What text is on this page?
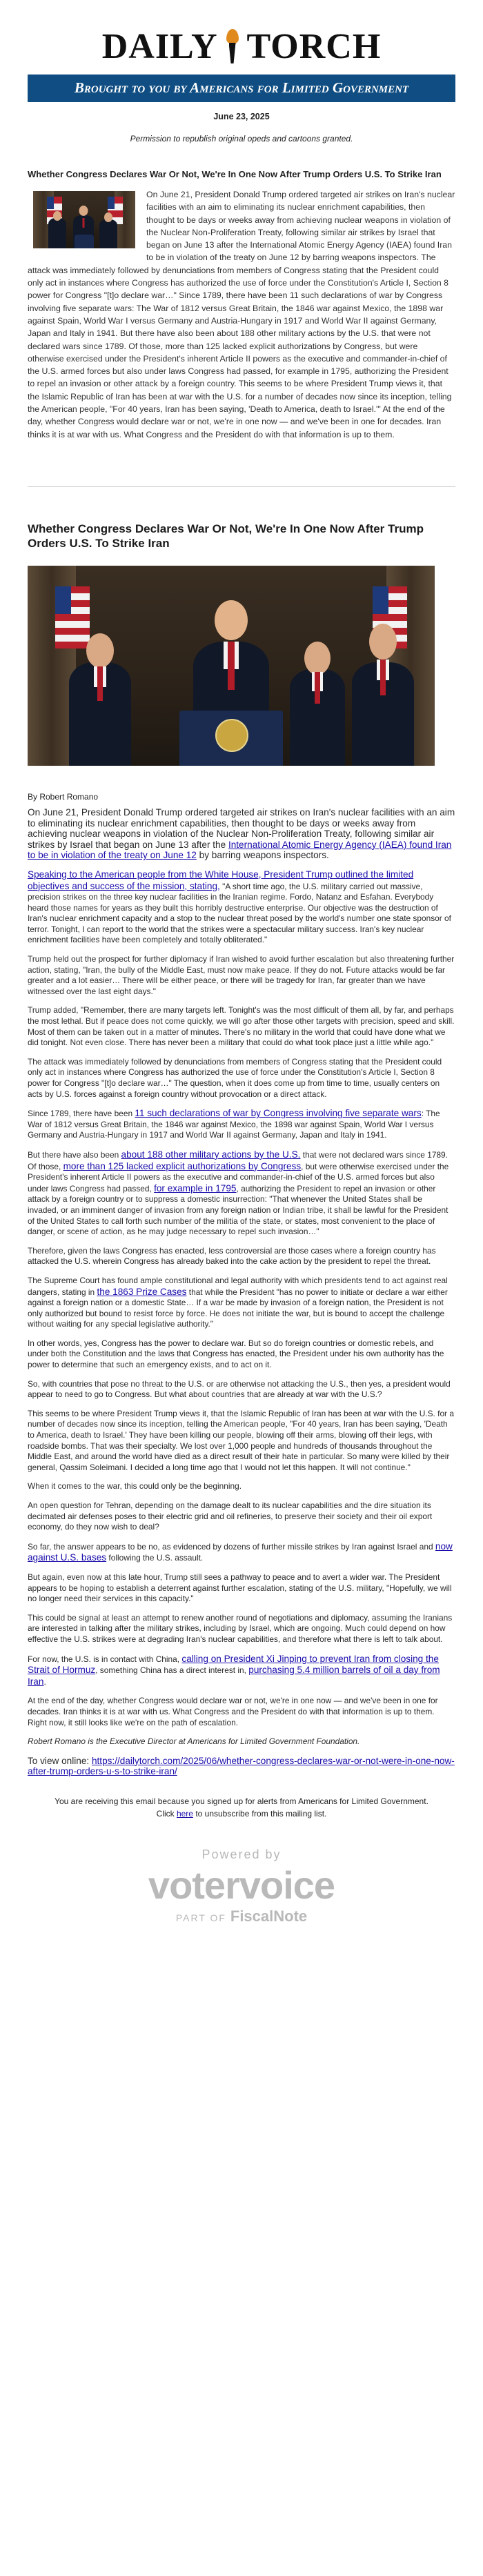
DAILY TORCH
Brought to you by Americans for Limited Government
June 23, 2025
Permission to republish original opeds and cartoons granted.
Whether Congress Declares War Or Not, We're In One Now After Trump Orders U.S. To Strike Iran
On June 21, President Donald Trump ordered targeted air strikes on Iran's nuclear facilities with an aim to eliminating its nuclear enrichment capabilities, then thought to be days or weeks away from achieving nuclear weapons in violation of the Nuclear Non-Proliferation Treaty, following similar air strikes by Israel that began on June 13 after the International Atomic Energy Agency (IAEA) found Iran to be in violation of the treaty on June 12 by barring weapons inspectors. The attack was immediately followed by denunciations from members of Congress stating that the President could only act in instances where Congress has authorized the use of force under the Constitution's Article I, Section 8 power for Congress "[t]o declare war…" Since 1789, there have been 11 such declarations of war by Congress involving five separate wars: The War of 1812 versus Great Britain, the 1846 war against Mexico, the 1898 war against Spain, World War I versus Germany and Austria-Hungary in 1917 and World War II against Germany, Japan and Italy in 1941. But there have also been about 188 other military actions by the U.S. that were not declared wars since 1789. Of those, more than 125 lacked explicit authorizations by Congress, but were otherwise exercised under the President's inherent Article II powers as the executive and commander-in-chief of the U.S. armed forces but also under laws Congress had passed, for example in 1795, authorizing the President to repel an invasion or other attack by a foreign country. This seems to be where President Trump views it, that the Islamic Republic of Iran has been at war with the U.S. for a number of decades now since its inception, telling the American people, "For 40 years, Iran has been saying, 'Death to America, death to Israel.'" At the end of the day, whether Congress would declare war or not, we're in one now — and we've been in one for decades. Iran thinks it is at war with us. What Congress and the President do with that information is up to them.
Whether Congress Declares War Or Not, We're In One Now After Trump Orders U.S. To Strike Iran
By Robert Romano

On June 21, President Donald Trump ordered targeted air strikes on Iran's nuclear facilities with an aim to eliminating its nuclear enrichment capabilities, then thought to be days or weeks away from achieving nuclear weapons in violation of the Nuclear Non-Proliferation Treaty, following similar air strikes by Israel that began on June 13 after the International Atomic Energy Agency (IAEA) found Iran to be in violation of the treaty on June 12 by barring weapons inspectors.

Speaking to the American people from the White House, President Trump outlined the limited objectives and success of the mission, stating, "A short time ago, the U.S. military carried out massive, precision strikes on the three key nuclear facilities in the Iranian regime. Fordo, Natanz and Esfahan. Everybody heard those names for years as they built this horribly destructive enterprise. Our objective was the destruction of Iran's nuclear enrichment capacity and a stop to the nuclear threat posed by the world's number one state sponsor of terror. Tonight, I can report to the world that the strikes were a spectacular military success. Iran's key nuclear enrichment facilities have been completely and totally obliterated."

Trump held out the prospect for further diplomacy if Iran wished to avoid further escalation but also threatening further action, stating, "Iran, the bully of the Middle East, must now make peace. If they do not. Future attacks would be far greater and a lot easier… There will be either peace, or there will be tragedy for Iran, far greater than we have witnessed over the last eight days."

Trump added, "Remember, there are many targets left. Tonight's was the most difficult of them all, by far, and perhaps the most lethal. But if peace does not come quickly, we will go after those other targets with precision, speed and skill. Most of them can be taken out in a matter of minutes. There's no military in the world that could have done what we did tonight. Not even close. There has never been a military that could do what took place just a little while ago."

The attack was immediately followed by denunciations from members of Congress stating that the President could only act in instances where Congress has authorized the use of force under the Constitution's Article I, Section 8 power for Congress "[t]o declare war…" The question, when it does come up from time to time, usually centers on acts by U.S. forces against a foreign country without provocation or a direct attack.

Since 1789, there have been 11 such declarations of war by Congress involving five separate wars: The War of 1812 versus Great Britain, the 1846 war against Mexico, the 1898 war against Spain, World War I versus Germany and Austria-Hungary in 1917 and World War II against Germany, Japan and Italy in 1941.

But there have also been about 188 other military actions by the U.S. that were not declared wars since 1789. Of those, more than 125 lacked explicit authorizations by Congress, but were otherwise exercised under the President's inherent Article II powers as the executive and commander-in-chief of the U.S. armed forces but also under laws Congress had passed, for example in 1795, authorizing the President to repel an invasion or other attack by a foreign country or to suppress a domestic insurrection: "That whenever the United States shall be invaded, or an imminent danger of invasion from any foreign nation or Indian tribe, it shall be lawful for the President of the United States to call forth such number of the militia of the state, or states, most convenient to the place of danger, or scene of action, as he may judge necessary to repel such invasion…"

Therefore, given the laws Congress has enacted, less controversial are those cases where a foreign country has attacked the U.S. wherein Congress has already baked into the cake action by the president to repel the threat.

The Supreme Court has found ample constitutional and legal authority with which presidents tend to act against real dangers, stating in the 1863 Prize Cases that while the President "has no power to initiate or declare a war either against a foreign nation or a domestic State… If a war be made by invasion of a foreign nation, the President is not only authorized but bound to resist force by force. He does not initiate the war, but is bound to accept the challenge without waiting for any special legislative authority."

In other words, yes, Congress has the power to declare war. But so do foreign countries or domestic rebels, and under both the Constitution and the laws that Congress has enacted, the President under his own authority has the power to determine that such an emergency exists, and to act on it.

So, with countries that pose no threat to the U.S. or are otherwise not attacking the U.S., then yes, a president would appear to need to go to Congress. But what about countries that are already at war with the U.S.?

This seems to be where President Trump views it, that the Islamic Republic of Iran has been at war with the U.S. for a number of decades now since its inception, telling the American people, "For 40 years, Iran has been saying, 'Death to America, death to Israel.' They have been killing our people, blowing off their arms, blowing off their legs, with roadside bombs. That was their specialty. We lost over 1,000 people and hundreds of thousands throughout the Middle East, and around the world have died as a direct result of their hate in particular. So many were killed by their general, Qassim Soleimani. I decided a long time ago that I would not let this happen. It will not continue."

When it comes to the war, this could only be the beginning.

An open question for Tehran, depending on the damage dealt to its nuclear capabilities and the dire situation its decimated air defenses poses to their electric grid and oil refineries, to preserve their society and their oil export economy, do they now wish to deal?

So far, the answer appears to be no, as evidenced by dozens of further missile strikes by Iran against Israel and now against U.S. bases following the U.S. assault.

But again, even now at this late hour, Trump still sees a pathway to peace and to avert a wider war. The President appears to be hoping to establish a deterrent against further escalation, stating of the U.S. military, "Hopefully, we will no longer need their services in this capacity."

This could be signal at least an attempt to renew another round of negotiations and diplomacy, assuming the Iranians are interested in talking after the military strikes, including by Israel, which are ongoing. Much could depend on how effective the U.S. strikes were at degrading Iran's nuclear capabilities, and therefore what there is left to talk about.

For now, the U.S. is in contact with China, calling on President Xi Jinping to prevent Iran from closing the Strait of Hormuz, something China has a direct interest in, purchasing 5.4 million barrels of oil a day from Iran.

At the end of the day, whether Congress would declare war or not, we're in one now — and we've been in one for decades. Iran thinks it is at war with us. What Congress and the President do with that information is up to them. Right now, it still looks like we're on the path of escalation.

Robert Romano is the Executive Director at Americans for Limited Government Foundation.

To view online: https://dailytorch.com/2025/06/whether-congress-declares-war-or-not-were-in-one-now-after-trump-orders-u-s-to-strike-iran/

You are receiving this email because you signed up for alerts from Americans for Limited Government.
Click here to unsubscribe from this mailing list.
Powered by
votervoice
PART OF FiscalNote
